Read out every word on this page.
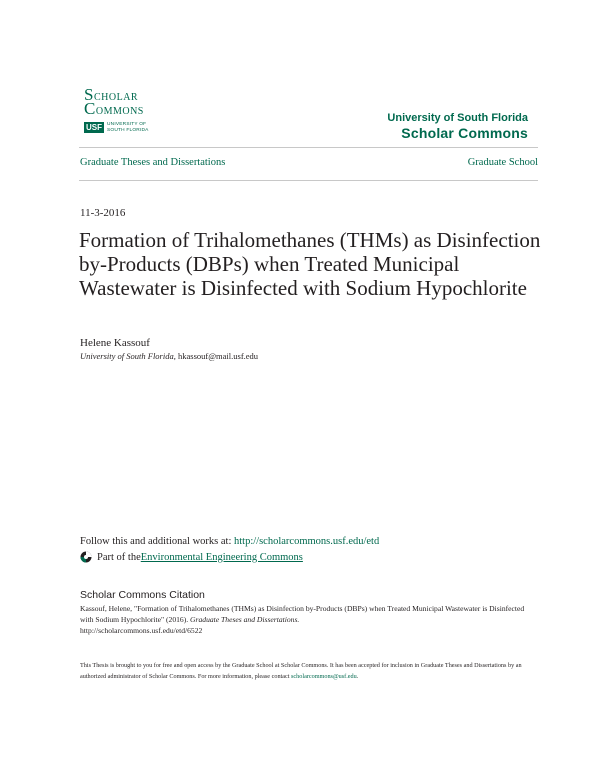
SCHOLAR
COMMONS
USF	UNIVERSITY OF SOUTH FLORIDA
University of South Florida
Scholar Commons
Graduate Theses and Dissertations	Graduate School
11-3-2016
Formation of Trihalomethanes (THMs) as Disinfection by-Products (DBPs) when Treated Municipal Wastewater is Disinfected with Sodium Hypochlorite
Helene Kassouf
University of South Florida, hkassouf@mail.usf.edu
Follow this and additional works at: http://scholarcommons.usf.edu/etd
Part of the Environmental Engineering Commons
Scholar Commons Citation
Kassouf, Helene, "Formation of Trihalomethanes (THMs) as Disinfection by-Products (DBPs) when Treated Municipal Wastewater is Disinfected with Sodium Hypochlorite" (2016). Graduate Theses and Dissertations.
http://scholarcommons.usf.edu/etd/6522
This Thesis is brought to you for free and open access by the Graduate School at Scholar Commons. It has been accepted for inclusion in Graduate Theses and Dissertations by an authorized administrator of Scholar Commons. For more information, please contact scholarcommons@usf.edu.
